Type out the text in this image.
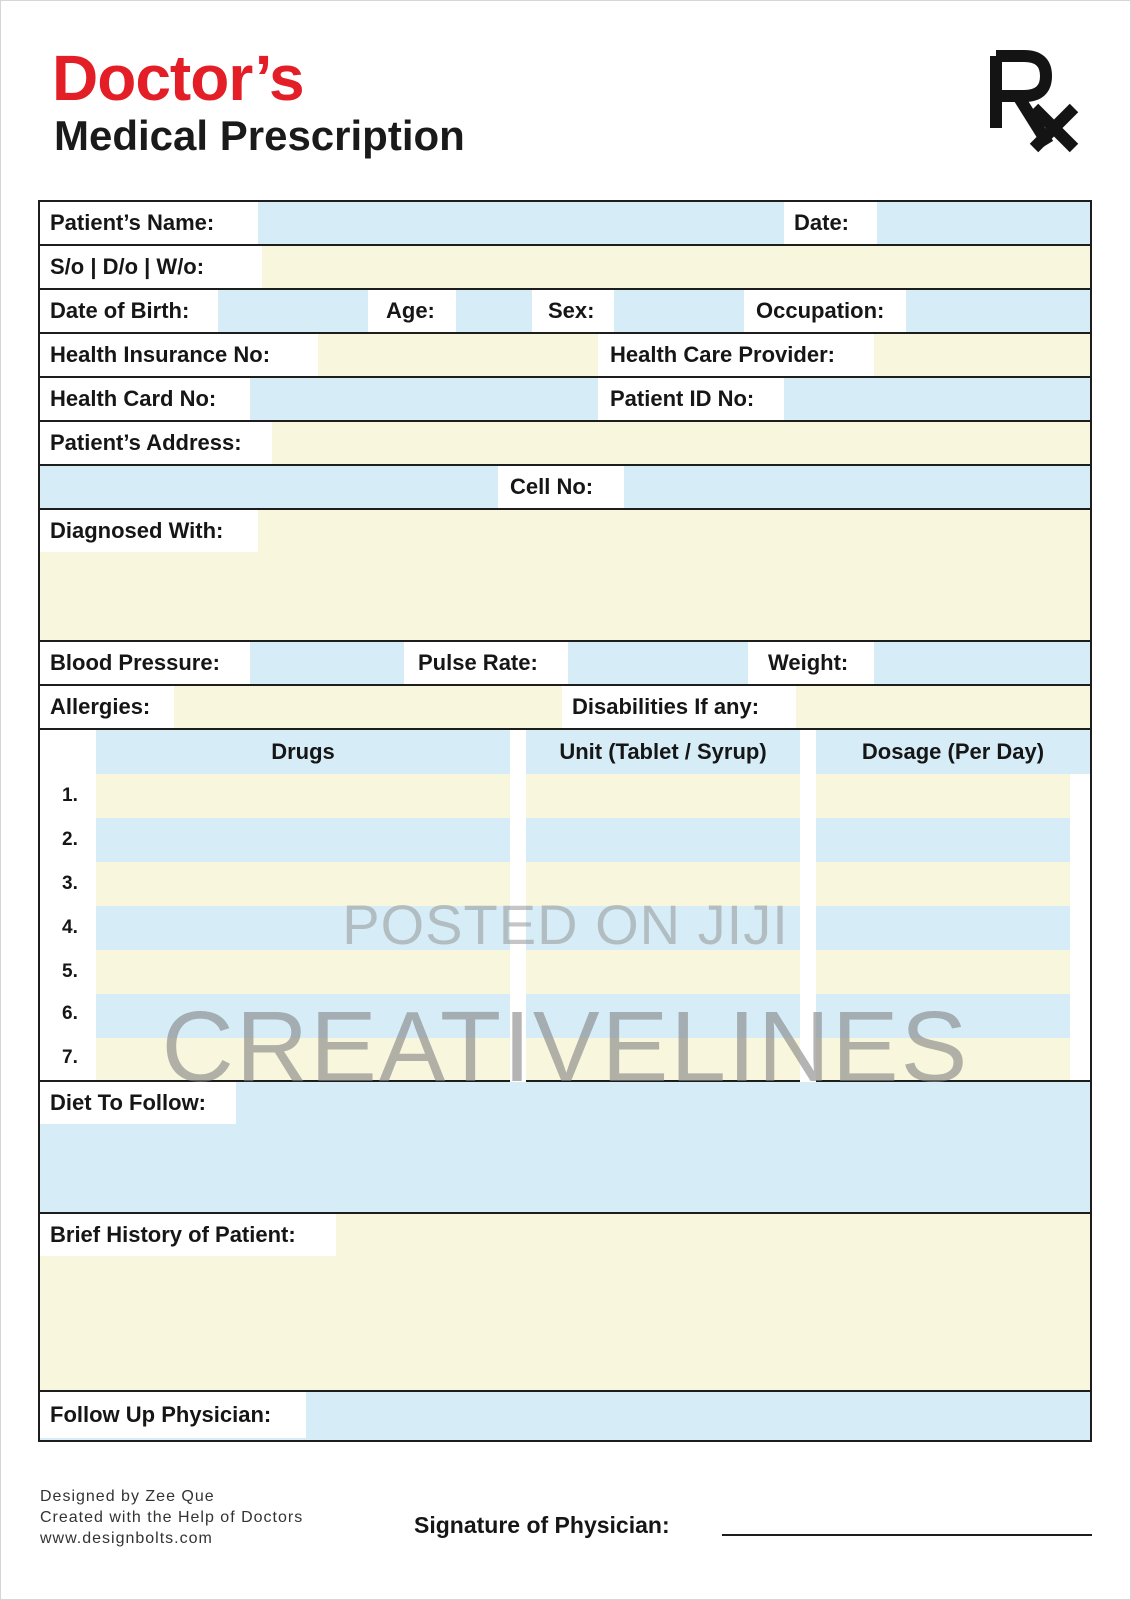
Doctor’s
Medical Prescription
Patient’s Name:	Date:
S/o | D/o | W/o:
Date of Birth:	Age:	Sex:	Occupation:
Health Insurance No:	Health Care Provider:
Health Card No:	Patient ID No:
Patient’s Address:
Cell No:
Diagnosed With:
Blood Pressure:	Pulse Rate:	Weight:
Allergies:	Disabilities If any:
Drugs	Unit (Tablet / Syrup)	Dosage (Per Day)
1.
2.
3.
4.
5.
6.
7.
Diet To Follow:
Brief History of Patient:
Follow Up Physician:
POSTED ON JIJI
CREATIVELINES
Designed by Zee Que
Created with the Help of Doctors
www.designbolts.com
Signature of Physician:
